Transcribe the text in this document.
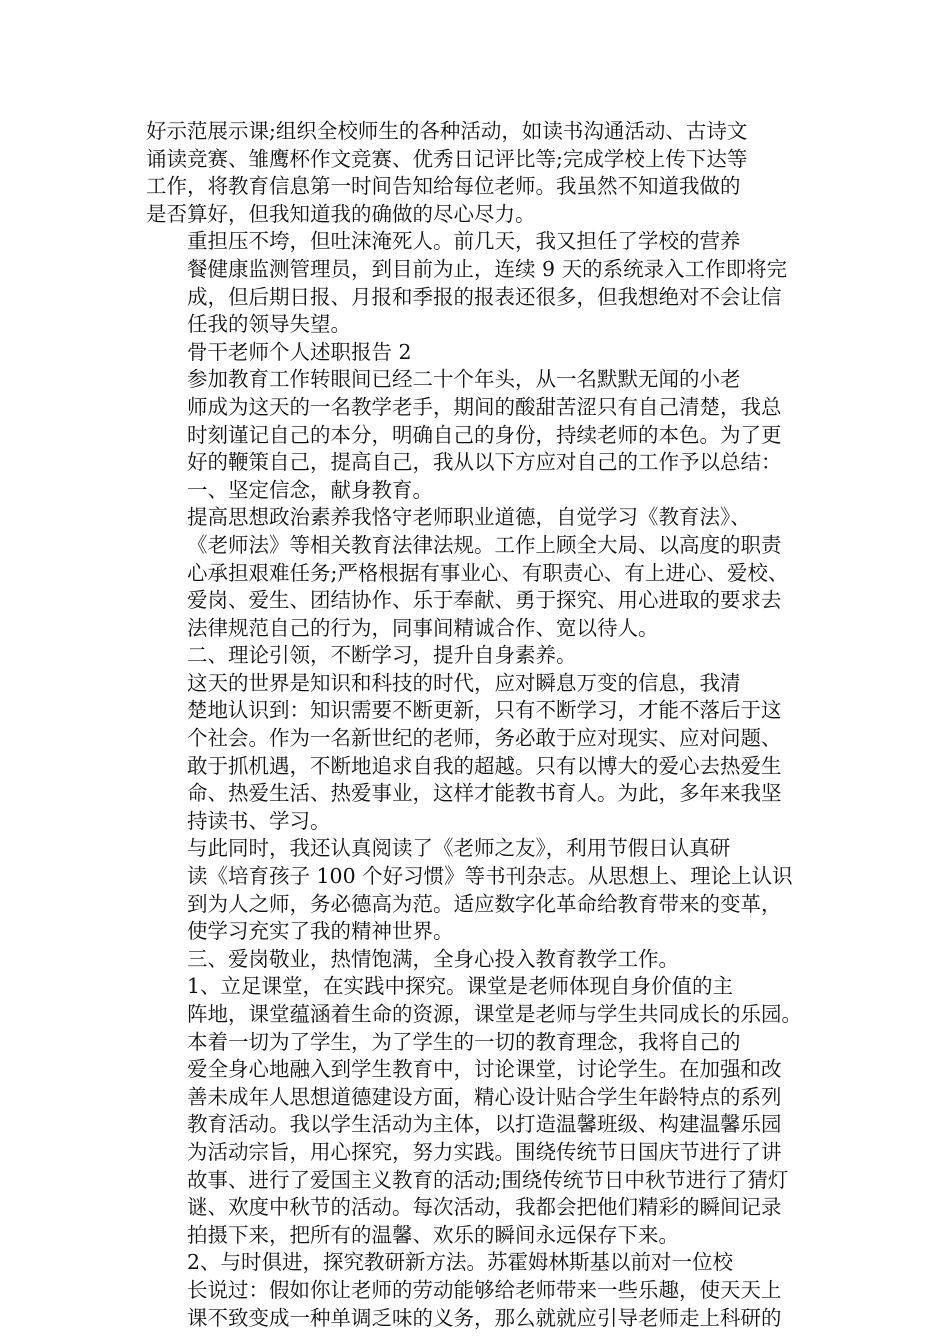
好示范展示课;组织全校师生的各种活动，如读书沟通活动、古诗文
诵读竞赛、雏鹰杯作文竞赛、优秀日记评比等;完成学校上传下达等
工作，将教育信息第一时间告知给每位老师。我虽然不知道我做的
是否算好，但我知道我的确做的尽心尽力。
重担压不垮，但吐沫淹死人。前几天，我又担任了学校的营养
餐健康监测管理员，到目前为止，连续 9 天的系统录入工作即将完
成，但后期日报、月报和季报的报表还很多，但我想绝对不会让信
任我的领导失望。
骨干老师个人述职报告 2
参加教育工作转眼间已经二十个年头，从一名默默无闻的小老
师成为这天的一名教学老手，期间的酸甜苦涩只有自己清楚，我总
时刻谨记自己的本分，明确自己的身份，持续老师的本色。为了更
好的鞭策自己，提高自己，我从以下方应对自己的工作予以总结：
一、坚定信念，献身教育。
提高思想政治素养我恪守老师职业道德，自觉学习《教育法》、
《老师法》等相关教育法律法规。工作上顾全大局、以高度的职责
心承担艰难任务;严格根据有事业心、有职责心、有上进心、爱校、
爱岗、爱生、团结协作、乐于奉献、勇于探究、用心进取的要求去
法律规范自己的行为，同事间精诚合作、宽以待人。
二、理论引领，不断学习，提升自身素养。
这天的世界是知识和科技的时代，应对瞬息万变的信息，我清
楚地认识到：知识需要不断更新，只有不断学习，才能不落后于这
个社会。作为一名新世纪的老师，务必敢于应对现实、应对问题、
敢于抓机遇，不断地追求自我的超越。只有以博大的爱心去热爱生
命、热爱生活、热爱事业，这样才能教书育人。为此，多年来我坚
持读书、学习。
与此同时，我还认真阅读了《老师之友》，利用节假日认真研
读《培育孩子 100 个好习惯》等书刊杂志。从思想上、理论上认识
到为人之师，务必德高为范。适应数字化革命给教育带来的变革，
使学习充实了我的精神世界。
三、爱岗敬业，热情饱满，全身心投入教育教学工作。
1、立足课堂，在实践中探究。课堂是老师体现自身价值的主
阵地，课堂蕴涵着生命的资源，课堂是老师与学生共同成长的乐园。
本着一切为了学生，为了学生的一切的教育理念，我将自己的
爱全身心地融入到学生教育中，讨论课堂，讨论学生。在加强和改
善未成年人思想道德建设方面，精心设计贴合学生年龄特点的系列
教育活动。我以学生活动为主体，以打造温馨班级、构建温馨乐园
为活动宗旨，用心探究，努力实践。围绕传统节日国庆节进行了讲
故事、进行了爱国主义教育的活动;围绕传统节日中秋节进行了猜灯
谜、欢度中秋节的活动。每次活动，我都会把他们精彩的瞬间记录
拍摄下来，把所有的温馨、欢乐的瞬间永远保存下来。
2、与时俱进，探究教研新方法。苏霍姆林斯基以前对一位校
长说过：假如你让老师的劳动能够给老师带来一些乐趣，使天天上
课不致变成一种单调乏味的义务，那么就就应引导老师走上科研的
